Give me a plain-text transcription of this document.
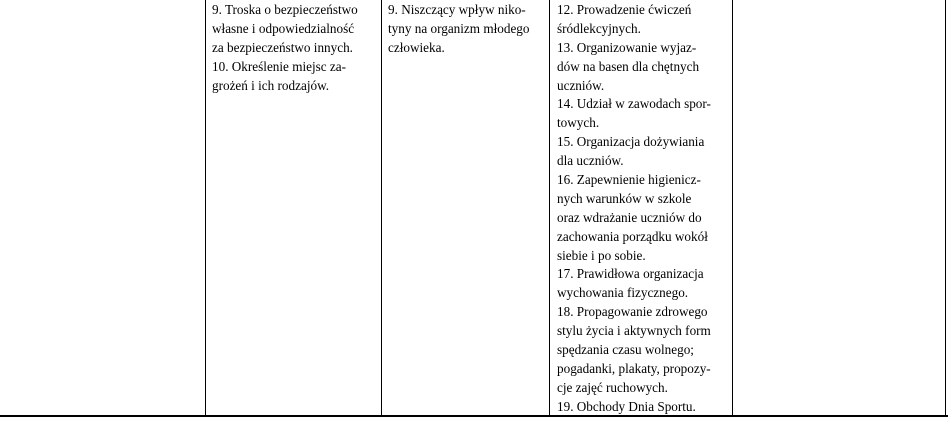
9. Troska o bezpieczeństwo
własne i odpowiedzialność
za bezpieczeństwo innych.
10. Określenie miejsc za-
grożeń i ich rodzajów.
9. Niszczący wpływ niko-
tyny na organizm młodego
człowieka.
12. Prowadzenie ćwiczeń
śródlekcyjnych.
13. Organizowanie wyjaz-
dów na basen dla chętnych
uczniów.
14. Udział w zawodach spor-
towych.
15. Organizacja dożywiania
dla uczniów.
16. Zapewnienie higienicz-
nych warunków w szkole
oraz wdrażanie uczniów do
zachowania porządku wokół
siebie i po sobie.
17. Prawidłowa organizacja
wychowania fizycznego.
18. Propagowanie zdrowego
stylu życia i aktywnych form
spędzania czasu wolnego;
pogadanki, plakaty, propozy-
cje zajęć ruchowych.
19. Obchody Dnia Sportu.
